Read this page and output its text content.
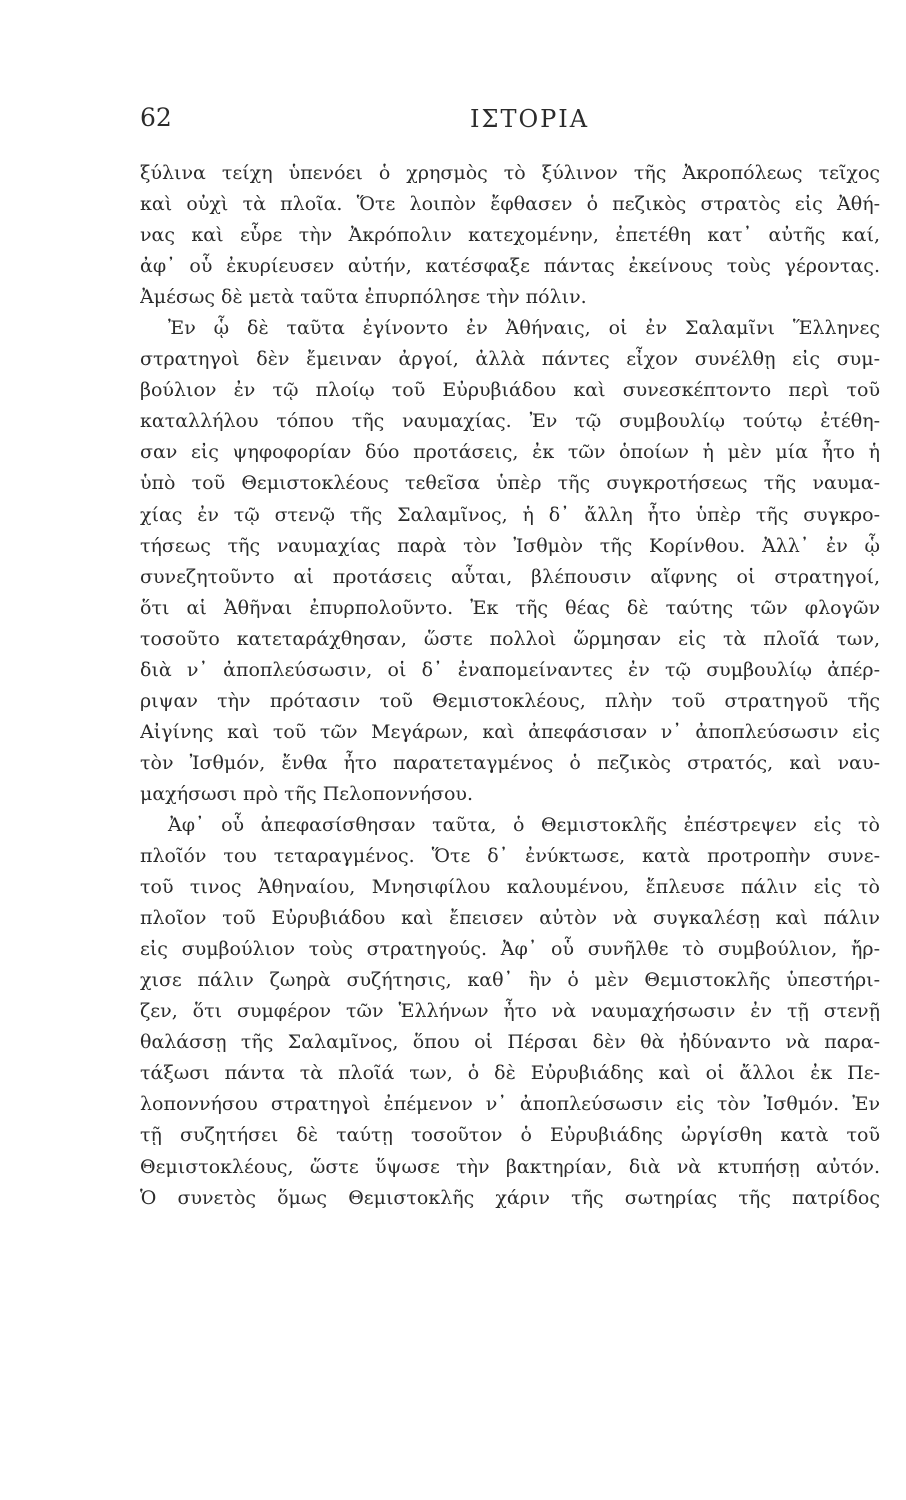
62	ΙΣΤΟΡΙΑ
ξύλινα τείχη ὑπενόει ὁ χρησμὸς τὸ ξύλινον τῆς Ἀκροπόλεως τεῖχος
καὶ οὐχὶ τὰ πλοῖα. Ὅτε λοιπὸν ἔφθασεν ὁ πεζικὸς στρατὸς εἰς Ἀθή-
νας καὶ εὗρε τὴν Ἀκρόπολιν κατεχομένην, ἐπετέθη κατ᾽ αὐτῆς καί,
ἀφ᾽ οὗ ἐκυρίευσεν αὐτήν, κατέσφαξε πάντας ἐκείνους τοὺς γέροντας.
Ἀμέσως δὲ μετὰ ταῦτα ἐπυρπόλησε τὴν πόλιν.
Ἐν ᾧ δὲ ταῦτα ἐγίνοντο ἐν Ἀθήναις, οἱ ἐν Σαλαμῖνι Ἕλληνες
στρατηγοὶ δὲν ἔμειναν ἀργοί, ἀλλὰ πάντες εἶχον συνέλθῃ εἰς συμ-
βούλιον ἐν τῷ πλοίῳ τοῦ Εὐρυβιάδου καὶ συνεσκέπτοντο περὶ τοῦ
καταλλήλου τόπου τῆς ναυμαχίας. Ἐν τῷ συμβουλίῳ τούτῳ ἐτέθη-
σαν εἰς ψηφοφορίαν δύο προτάσεις, ἐκ τῶν ὁποίων ἡ μὲν μία ἦτο ἡ
ὑπὸ τοῦ Θεμιστοκλέους τεθεῖσα ὑπὲρ τῆς συγκροτήσεως τῆς ναυμα-
χίας ἐν τῷ στενῷ τῆς Σαλαμῖνος, ἡ δ᾽ ἄλλη ἦτο ὑπὲρ τῆς συγκρο-
τήσεως τῆς ναυμαχίας παρὰ τὸν Ἰσθμὸν τῆς Κορίνθου. Ἀλλ᾽ ἐν ᾧ
συνεζητοῦντο αἱ προτάσεις αὗται, βλέπουσιν αἴφνης οἱ στρατηγοί,
ὅτι αἱ Ἀθῆναι ἐπυρπολοῦντο. Ἐκ τῆς θέας δὲ ταύτης τῶν φλογῶν
τοσοῦτο κατεταράχθησαν, ὥστε πολλοὶ ὥρμησαν εἰς τὰ πλοῖά των,
διὰ ν᾽ ἀποπλεύσωσιν, οἱ δ᾽ ἐναπομείναντες ἐν τῷ συμβουλίῳ ἀπέρ-
ριψαν τὴν πρότασιν τοῦ Θεμιστοκλέους, πλὴν τοῦ στρατηγοῦ τῆς
Αἰγίνης καὶ τοῦ τῶν Μεγάρων, καὶ ἀπεφάσισαν ν᾽ ἀποπλεύσωσιν εἰς
τὸν Ἰσθμόν, ἔνθα ἦτο παρατεταγμένος ὁ πεζικὸς στρατός, καὶ ναυ-
μαχήσωσι πρὸ τῆς Πελοποννήσου.
Ἀφ᾽ οὗ ἀπεφασίσθησαν ταῦτα, ὁ Θεμιστοκλῆς ἐπέστρεψεν εἰς τὸ
πλοῖόν του τεταραγμένος. Ὅτε δ᾽ ἐνύκτωσε, κατὰ προτροπὴν συνε-
τοῦ τινος Ἀθηναίου, Μνησιφίλου καλουμένου, ἔπλευσε πάλιν εἰς τὸ
πλοῖον τοῦ Εὐρυβιάδου καὶ ἔπεισεν αὐτὸν νὰ συγκαλέσῃ καὶ πάλιν
εἰς συμβούλιον τοὺς στρατηγούς. Ἀφ᾽ οὗ συνῆλθε τὸ συμβούλιον, ἤρ-
χισε πάλιν ζωηρὰ συζήτησις, καθ᾽ ἣν ὁ μὲν Θεμιστοκλῆς ὑπεστήρι-
ζεν, ὅτι συμφέρον τῶν Ἑλλήνων ἦτο νὰ ναυμαχήσωσιν ἐν τῇ στενῇ
θαλάσσῃ τῆς Σαλαμῖνος, ὅπου οἱ Πέρσαι δὲν θὰ ἠδύναντο νὰ παρα-
τάξωσι πάντα τὰ πλοῖά των, ὁ δὲ Εὐρυβιάδης καὶ οἱ ἄλλοι ἐκ Πε-
λοποννήσου στρατηγοὶ ἐπέμενον ν᾽ ἀποπλεύσωσιν εἰς τὸν Ἰσθμόν. Ἐν
τῇ συζητήσει δὲ ταύτῃ τοσοῦτον ὁ Εὐρυβιάδης ὠργίσθη κατὰ τοῦ
Θεμιστοκλέους, ὥστε ὕψωσε τὴν βακτηρίαν, διὰ νὰ κτυπήσῃ αὐτόν.
Ὁ συνετὸς ὅμως Θεμιστοκλῆς χάριν τῆς σωτηρίας τῆς πατρίδος
